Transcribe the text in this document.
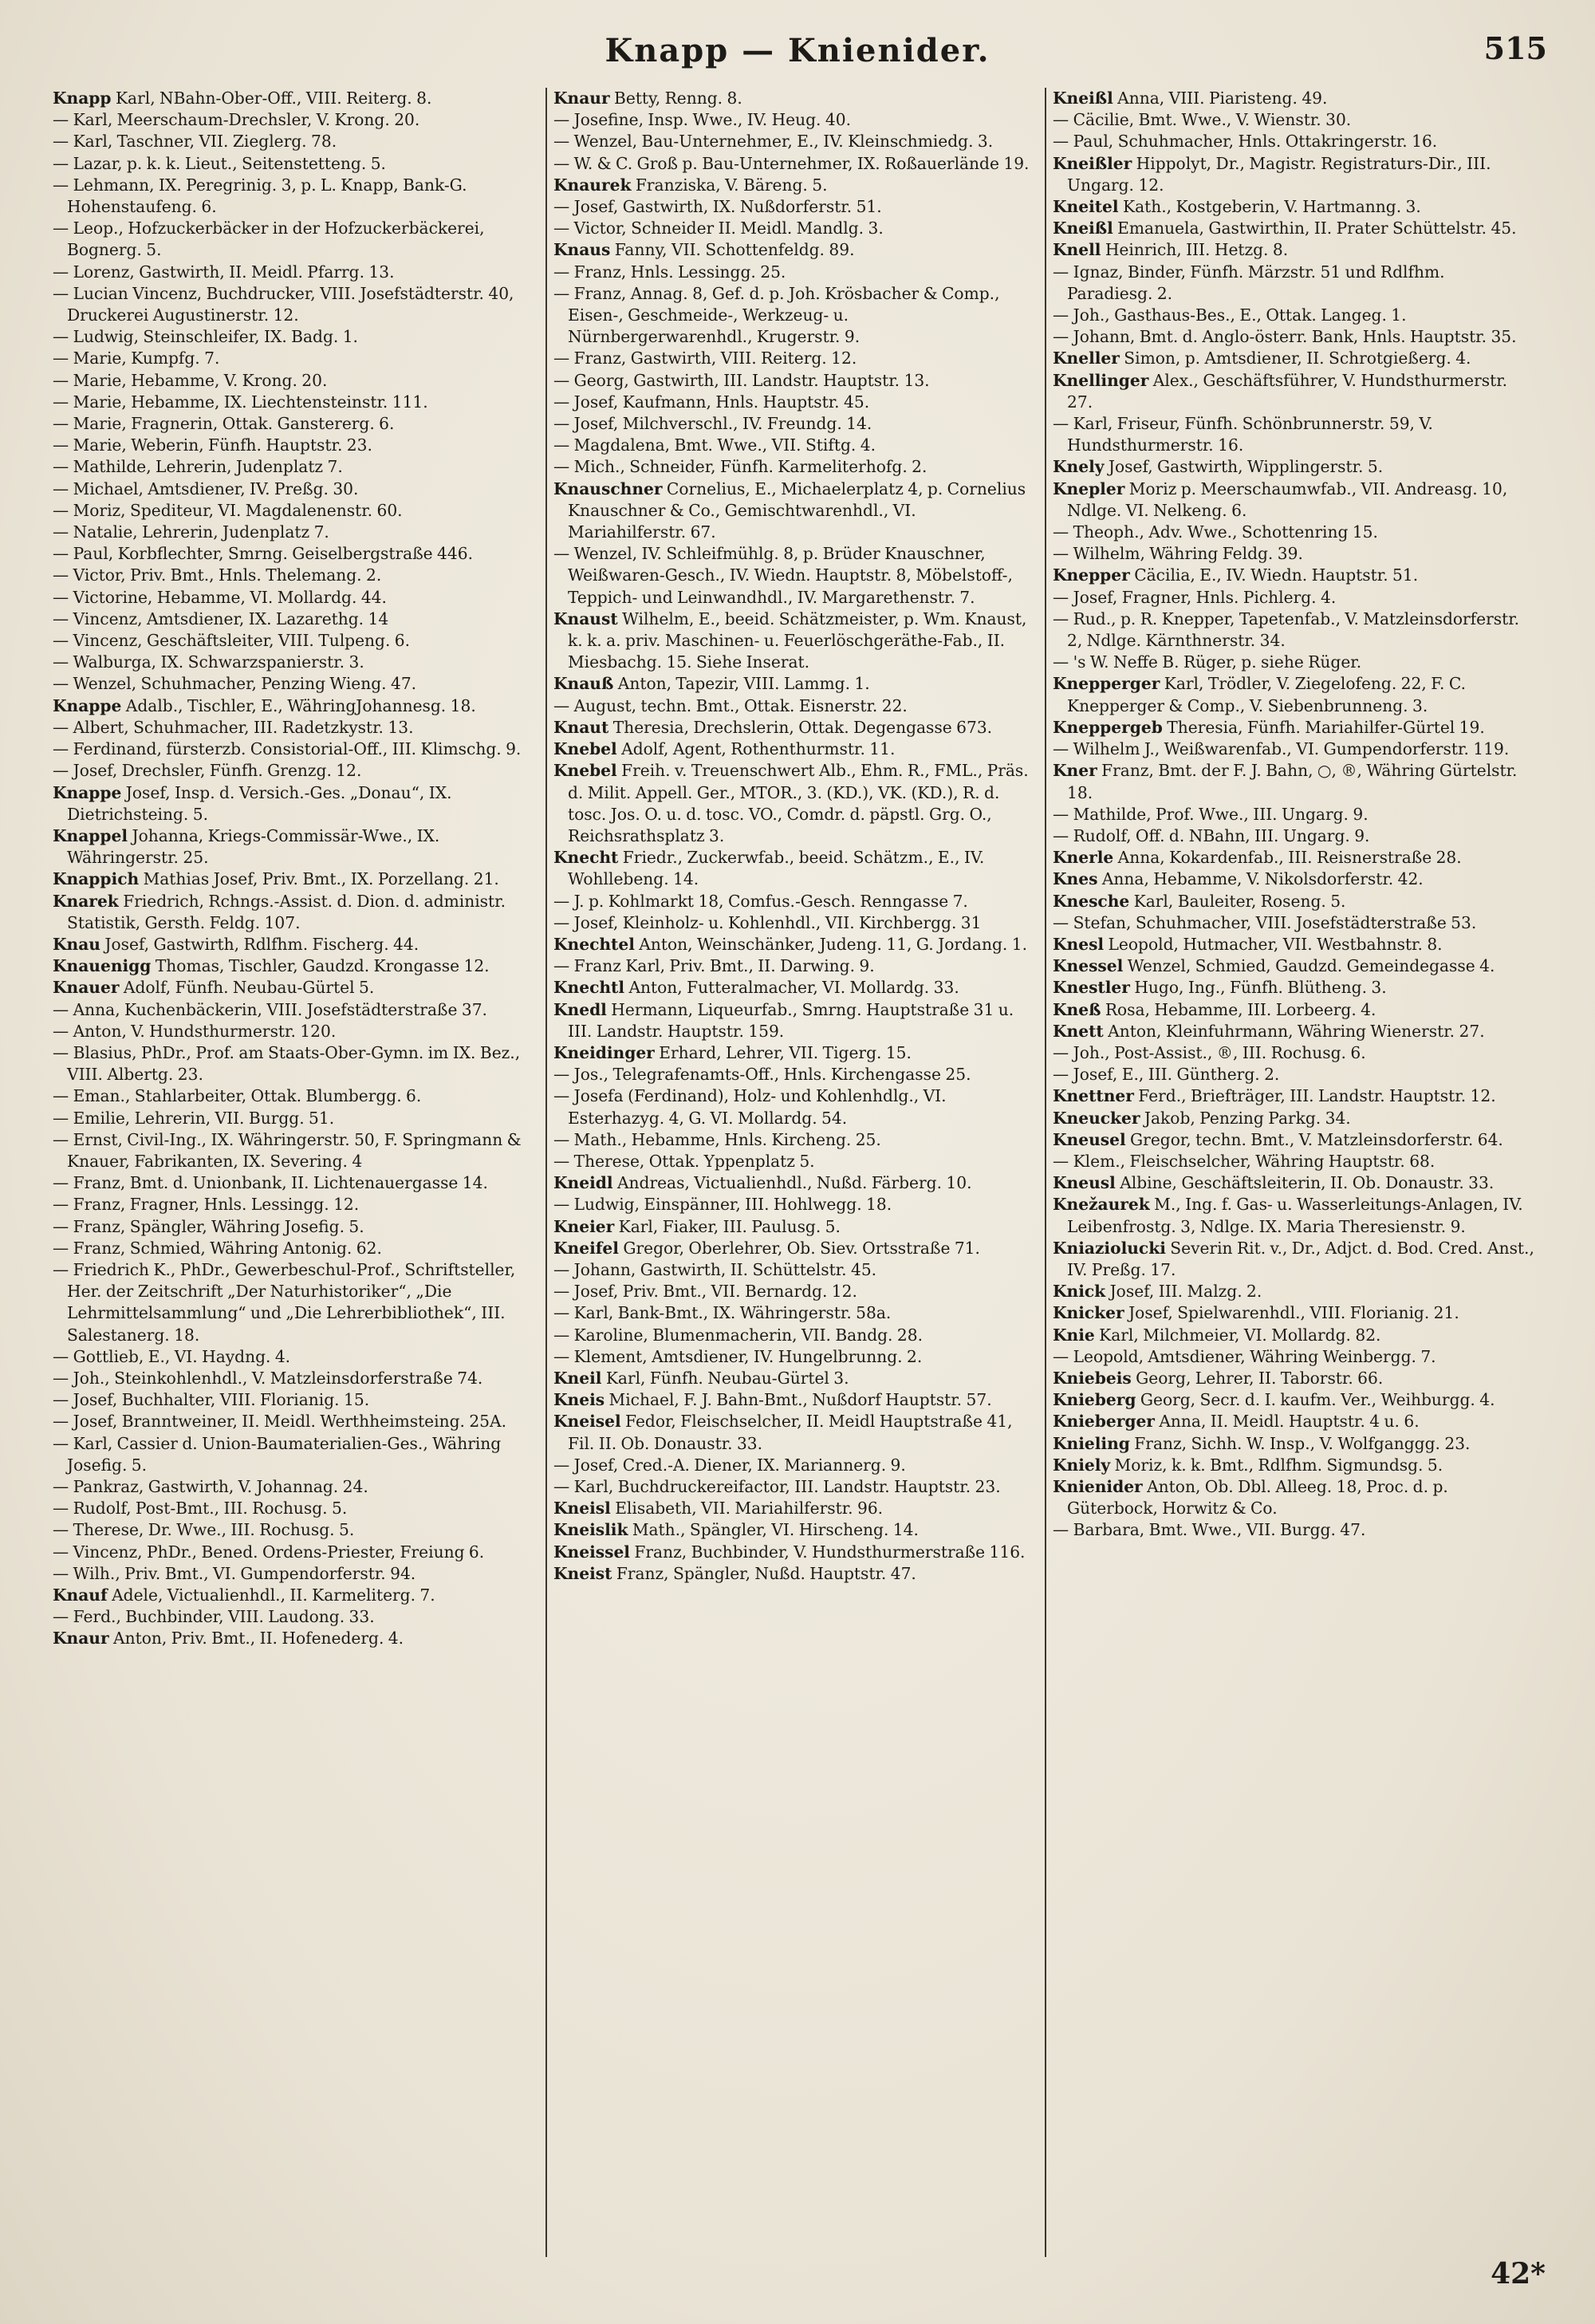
Knapp — Knienider.	515
Knapp Karl, NBahn-Ober-Off., VIII. Reiterg. 8.
— Karl, Meerschaum-Drechsler, V. Krong. 20.
— Karl, Taschner, VII. Zieglerg. 78.
— Lazar, p. k. k. Lieut., Seitenstetteng. 5.
— Lehmann, IX. Peregrinig. 3, p. L. Knapp, Bank-G. Hohenstaufeng. 6.
— Leop., Hofzuckerbäcker in der Hofzuckerbäckerei, Bognerg. 5.
— Lorenz, Gastwirth, II. Meidl. Pfarrg. 13.
— Lucian Vincenz, Buchdrucker, VIII. Josefstädterstr. 40, Druckerei Augustinerstr. 12.
— Ludwig, Steinschleifer, IX. Badg. 1.
— Marie, Kumpfg. 7.
— Marie, Hebamme, V. Krong. 20.
— Marie, Hebamme, IX. Liechtensteinstr. 111.
— Marie, Fragnerin, Ottak. Ganstererg. 6.
— Marie, Weberin, Fünfh. Hauptstr. 23.
— Mathilde, Lehrerin, Judenplatz 7.
— Michael, Amtsdiener, IV. Preßg. 30.
— Moriz, Spediteur, VI. Magdalenenstr. 60.
— Natalie, Lehrerin, Judenplatz 7.
— Paul, Korbflechter, Smrng. Geiselbergstraße 446.
— Victor, Priv. Bmt., Hnls. Thelemang. 2.
— Victorine, Hebamme, VI. Mollardg. 44.
— Vincenz, Amtsdiener, IX. Lazarethg. 14
— Vincenz, Geschäftsleiter, VIII. Tulpeng. 6.
— Walburga, IX. Schwarzspanierstr. 3.
— Wenzel, Schuhmacher, Penzing Wieng. 47.
Knappe Adalb., Tischler, E., WähringJohannesg. 18.
— Albert, Schuhmacher, III. Radetzkystr. 13.
— Ferdinand, fürsterzb. Consistorial-Off., III. Klimschg. 9.
— Josef, Drechsler, Fünfh. Grenzg. 12.
Knappe Josef, Insp. d. Versich.-Ges. „Donau“, IX. Dietrichsteing. 5.
Knappel Johanna, Kriegs-Commissär-Wwe., IX. Währingerstr. 25.
Knappich Mathias Josef, Priv. Bmt., IX. Porzellang. 21.
Knarek Friedrich, Rchngs.-Assist. d. Dion. d. administr. Statistik, Gersth. Feldg. 107.
Knau Josef, Gastwirth, Rdlfhm. Fischerg. 44.
Knauenigg Thomas, Tischler, Gaudzd. Krongasse 12.
Knauer Adolf, Fünfh. Neubau-Gürtel 5.
— Anna, Kuchenbäckerin, VIII. Josefstädterstraße 37.
— Anton, V. Hundsthurmerstr. 120.
— Blasius, PhDr., Prof. am Staats-Ober-Gymn. im IX. Bez., VIII. Albertg. 23.
— Eman., Stahlarbeiter, Ottak. Blumbergg. 6.
— Emilie, Lehrerin, VII. Burgg. 51.
— Ernst, Civil-Ing., IX. Währingerstr. 50, F. Springmann & Knauer, Fabrikanten, IX. Severing. 4
— Franz, Bmt. d. Unionbank, II. Lichtenauergasse 14.
— Franz, Fragner, Hnls. Lessingg. 12.
— Franz, Spängler, Währing Josefig. 5.
— Franz, Schmied, Währing Antonig. 62.
— Friedrich K., PhDr., Gewerbeschul-Prof., Schriftsteller, Her. der Zeitschrift „Der Naturhistoriker“, „Die Lehrmittelsammlung“ und „Die Lehrerbibliothek“, III. Salestanerg. 18.
— Gottlieb, E., VI. Haydng. 4.
— Joh., Steinkohlenhdl., V. Matzleinsdorferstraße 74.
— Josef, Buchhalter, VIII. Florianig. 15.
— Josef, Branntweiner, II. Meidl. Werthheimsteing. 25A.
— Karl, Cassier d. Union-Baumaterialien-Ges., Währing Josefig. 5.
— Pankraz, Gastwirth, V. Johannag. 24.
— Rudolf, Post-Bmt., III. Rochusg. 5.
— Therese, Dr. Wwe., III. Rochusg. 5.
— Vincenz, PhDr., Bened. Ordens-Priester, Freiung 6.
— Wilh., Priv. Bmt., VI. Gumpendorferstr. 94.
Knauf Adele, Victualienhdl., II. Karmeliterg. 7.
— Ferd., Buchbinder, VIII. Laudong. 33.
Knaur Anton, Priv. Bmt., II. Hofenederg. 4.
Knaur Betty, Renng. 8.
— Josefine, Insp. Wwe., IV. Heug. 40.
— Wenzel, Bau-Unternehmer, E., IV. Kleinschmiedg. 3.
— W. & C. Groß p. Bau-Unternehmer, IX. Roßauerlände 19.
Knaurek Franziska, V. Bäreng. 5.
— Josef, Gastwirth, IX. Nußdorferstr. 51.
— Victor, Schneider II. Meidl. Mandlg. 3.
Knaus Fanny, VII. Schottenfeldg. 89.
— Franz, Hnls. Lessingg. 25.
— Franz, Annag. 8, Gef. d. p. Joh. Krösbacher & Comp., Eisen-, Geschmeide-, Werkzeug- u. Nürnbergerwarenhdl., Krugerstr. 9.
— Franz, Gastwirth, VIII. Reiterg. 12.
— Georg, Gastwirth, III. Landstr. Hauptstr. 13.
— Josef, Kaufmann, Hnls. Hauptstr. 45.
— Josef, Milchverschl., IV. Freundg. 14.
— Magdalena, Bmt. Wwe., VII. Stiftg. 4.
— Mich., Schneider, Fünfh. Karmeliterhofg. 2.
Knauschner Cornelius, E., Michaelerplatz 4, p. Cornelius Knauschner & Co., Gemischtwarenhdl., VI. Mariahilferstr. 67.
— Wenzel, IV. Schleifmühlg. 8, p. Brüder Knauschner, Weißwaren-Gesch., IV. Wiedn. Hauptstr. 8, Möbelstoff-, Teppich- und Leinwandhdl., IV. Margarethenstr. 7.
Knaust Wilhelm, E., beeid. Schätzmeister, p. Wm. Knaust, k. k. a. priv. Maschinen- u. Feuerlöschgeräthe-Fab., II. Miesbachg. 15. Siehe Inserat.
Knauß Anton, Tapezir, VIII. Lammg. 1.
— August, techn. Bmt., Ottak. Eisnerstr. 22.
Knaut Theresia, Drechslerin, Ottak. Degengasse 673.
Knebel Adolf, Agent, Rothenthurmstr. 11.
Knebel Freih. v. Treuenschwert Alb., Ehm. R., FML., Präs. d. Milit. Appell. Ger., MTOR., 3. (KD.), VK. (KD.), R. d. tosc. Jos. O. u. d. tosc. VO., Comdr. d. päpstl. Grg. O., Reichsrathsplatz 3.
Knecht Friedr., Zuckerwfab., beeid. Schätzm., E., IV. Wohllebeng. 14.
— J. p. Kohlmarkt 18, Comfus.-Gesch. Renngasse 7.
— Josef, Kleinholz- u. Kohlenhdl., VII. Kirchbergg. 31
Knechtel Anton, Weinschänker, Judeng. 11, G. Jordang. 1.
— Franz Karl, Priv. Bmt., II. Darwing. 9.
Knechtl Anton, Futteralmacher, VI. Mollardg. 33.
Knedl Hermann, Liqueurfab., Smrng. Hauptstraße 31 u. III. Landstr. Hauptstr. 159.
Kneidinger Erhard, Lehrer, VII. Tigerg. 15.
— Jos., Telegrafenamts-Off., Hnls. Kirchengasse 25.
— Josefa (Ferdinand), Holz- und Kohlenhdlg., VI. Esterhazyg. 4, G. VI. Mollardg. 54.
— Math., Hebamme, Hnls. Kircheng. 25.
— Therese, Ottak. Yppenplatz 5.
Kneidl Andreas, Victualienhdl., Nußd. Färberg. 10.
— Ludwig, Einspänner, III. Hohlwegg. 18.
Kneier Karl, Fiaker, III. Paulusg. 5.
Kneifel Gregor, Oberlehrer, Ob. Siev. Ortsstraße 71.
— Johann, Gastwirth, II. Schüttelstr. 45.
— Josef, Priv. Bmt., VII. Bernardg. 12.
— Karl, Bank-Bmt., IX. Währingerstr. 58a.
— Karoline, Blumenmacherin, VII. Bandg. 28.
— Klement, Amtsdiener, IV. Hungelbrunng. 2.
Kneil Karl, Fünfh. Neubau-Gürtel 3.
Kneis Michael, F. J. Bahn-Bmt., Nußdorf Hauptstr. 57.
Kneisel Fedor, Fleischselcher, II. Meidl Hauptstraße 41, Fil. II. Ob. Donaustr. 33.
— Josef, Cred.-A. Diener, IX. Mariannerg. 9.
— Karl, Buchdruckereifactor, III. Landstr. Hauptstr. 23.
Kneisl Elisabeth, VII. Mariahilferstr. 96.
Kneislik Math., Spängler, VI. Hirscheng. 14.
Kneissel Franz, Buchbinder, V. Hundsthurmerstraße 116.
Kneist Franz, Spängler, Nußd. Hauptstr. 47.
Kneißl Anna, VIII. Piaristeng. 49.
— Cäcilie, Bmt. Wwe., V. Wienstr. 30.
— Paul, Schuhmacher, Hnls. Ottakringerstr. 16.
Kneißler Hippolyt, Dr., Magistr. Registraturs-Dir., III. Ungarg. 12.
Kneitel Kath., Kostgeberin, V. Hartmanng. 3.
Kneißl Emanuela, Gastwirthin, II. Prater Schüttelstr. 45.
Knell Heinrich, III. Hetzg. 8.
— Ignaz, Binder, Fünfh. Märzstr. 51 und Rdlfhm. Paradiesg. 2.
— Joh., Gasthaus-Bes., E., Ottak. Langeg. 1.
— Johann, Bmt. d. Anglo-österr. Bank, Hnls. Hauptstr. 35.
Kneller Simon, p. Amtsdiener, II. Schrotgießerg. 4.
Knellinger Alex., Geschäftsführer, V. Hundsthurmerstr. 27.
— Karl, Friseur, Fünfh. Schönbrunnerstr. 59, V. Hundsthurmerstr. 16.
Knely Josef, Gastwirth, Wipplingerstr. 5.
Knepler Moriz p. Meerschaumwfab., VII. Andreasg. 10, Ndlge. VI. Nelkeng. 6.
— Theoph., Adv. Wwe., Schottenring 15.
— Wilhelm, Währing Feldg. 39.
Knepper Cäcilia, E., IV. Wiedn. Hauptstr. 51.
— Josef, Fragner, Hnls. Pichlerg. 4.
— Rud., p. R. Knepper, Tapetenfab., V. Matzleinsdorferstr. 2, Ndlge. Kärnthnerstr. 34.
— 's W. Neffe B. Rüger, p. siehe Rüger.
Knepperger Karl, Trödler, V. Ziegelofeng. 22, F. C. Knepperger & Comp., V. Siebenbrunneng. 3.
Kneppergeb Theresia, Fünfh. Mariahilfer-Gürtel 19.
— Wilhelm J., Weißwarenfab., VI. Gumpendorferstr. 119.
Kner Franz, Bmt. der F. J. Bahn, ○, ®, Währing Gürtelstr. 18.
— Mathilde, Prof. Wwe., III. Ungarg. 9.
— Rudolf, Off. d. NBahn, III. Ungarg. 9.
Knerle Anna, Kokardenfab., III. Reisnerstraße 28.
Knes Anna, Hebamme, V. Nikolsdorferstr. 42.
Knesche Karl, Bauleiter, Roseng. 5.
— Stefan, Schuhmacher, VIII. Josefstädterstraße 53.
Knesl Leopold, Hutmacher, VII. Westbahnstr. 8.
Knessel Wenzel, Schmied, Gaudzd. Gemeindegasse 4.
Knestler Hugo, Ing., Fünfh. Blütheng. 3.
Kneß Rosa, Hebamme, III. Lorbeerg. 4.
Knett Anton, Kleinfuhrmann, Währing Wienerstr. 27.
— Joh., Post-Assist., ®, III. Rochusg. 6.
— Josef, E., III. Güntherg. 2.
Knettner Ferd., Briefträger, III. Landstr. Hauptstr. 12.
Kneucker Jakob, Penzing Parkg. 34.
Kneusel Gregor, techn. Bmt., V. Matzleinsdorferstr. 64.
— Klem., Fleischselcher, Währing Hauptstr. 68.
Kneusl Albine, Geschäftsleiterin, II. Ob. Donaustr. 33.
Knežaurek M., Ing. f. Gas- u. Wasserleitungs-Anlagen, IV. Leibenfrostg. 3, Ndlge. IX. Maria Theresienstr. 9.
Kniaziolucki Severin Rit. v., Dr., Adjct. d. Bod. Cred. Anst., IV. Preßg. 17.
Knick Josef, III. Malzg. 2.
Knicker Josef, Spielwarenhdl., VIII. Florianig. 21.
Knie Karl, Milchmeier, VI. Mollardg. 82.
— Leopold, Amtsdiener, Währing Weinbergg. 7.
Kniebeis Georg, Lehrer, II. Taborstr. 66.
Knieberg Georg, Secr. d. I. kaufm. Ver., Weihburgg. 4.
Knieberger Anna, II. Meidl. Hauptstr. 4 u. 6.
Knieling Franz, Sichh. W. Insp., V. Wolfganggg. 23.
Kniely Moriz, k. k. Bmt., Rdlfhm. Sigmundsg. 5.
Knienider Anton, Ob. Dbl. Alleeg. 18, Proc. d. p. Güterbock, Horwitz & Co.
— Barbara, Bmt. Wwe., VII. Burgg. 47.
42*
